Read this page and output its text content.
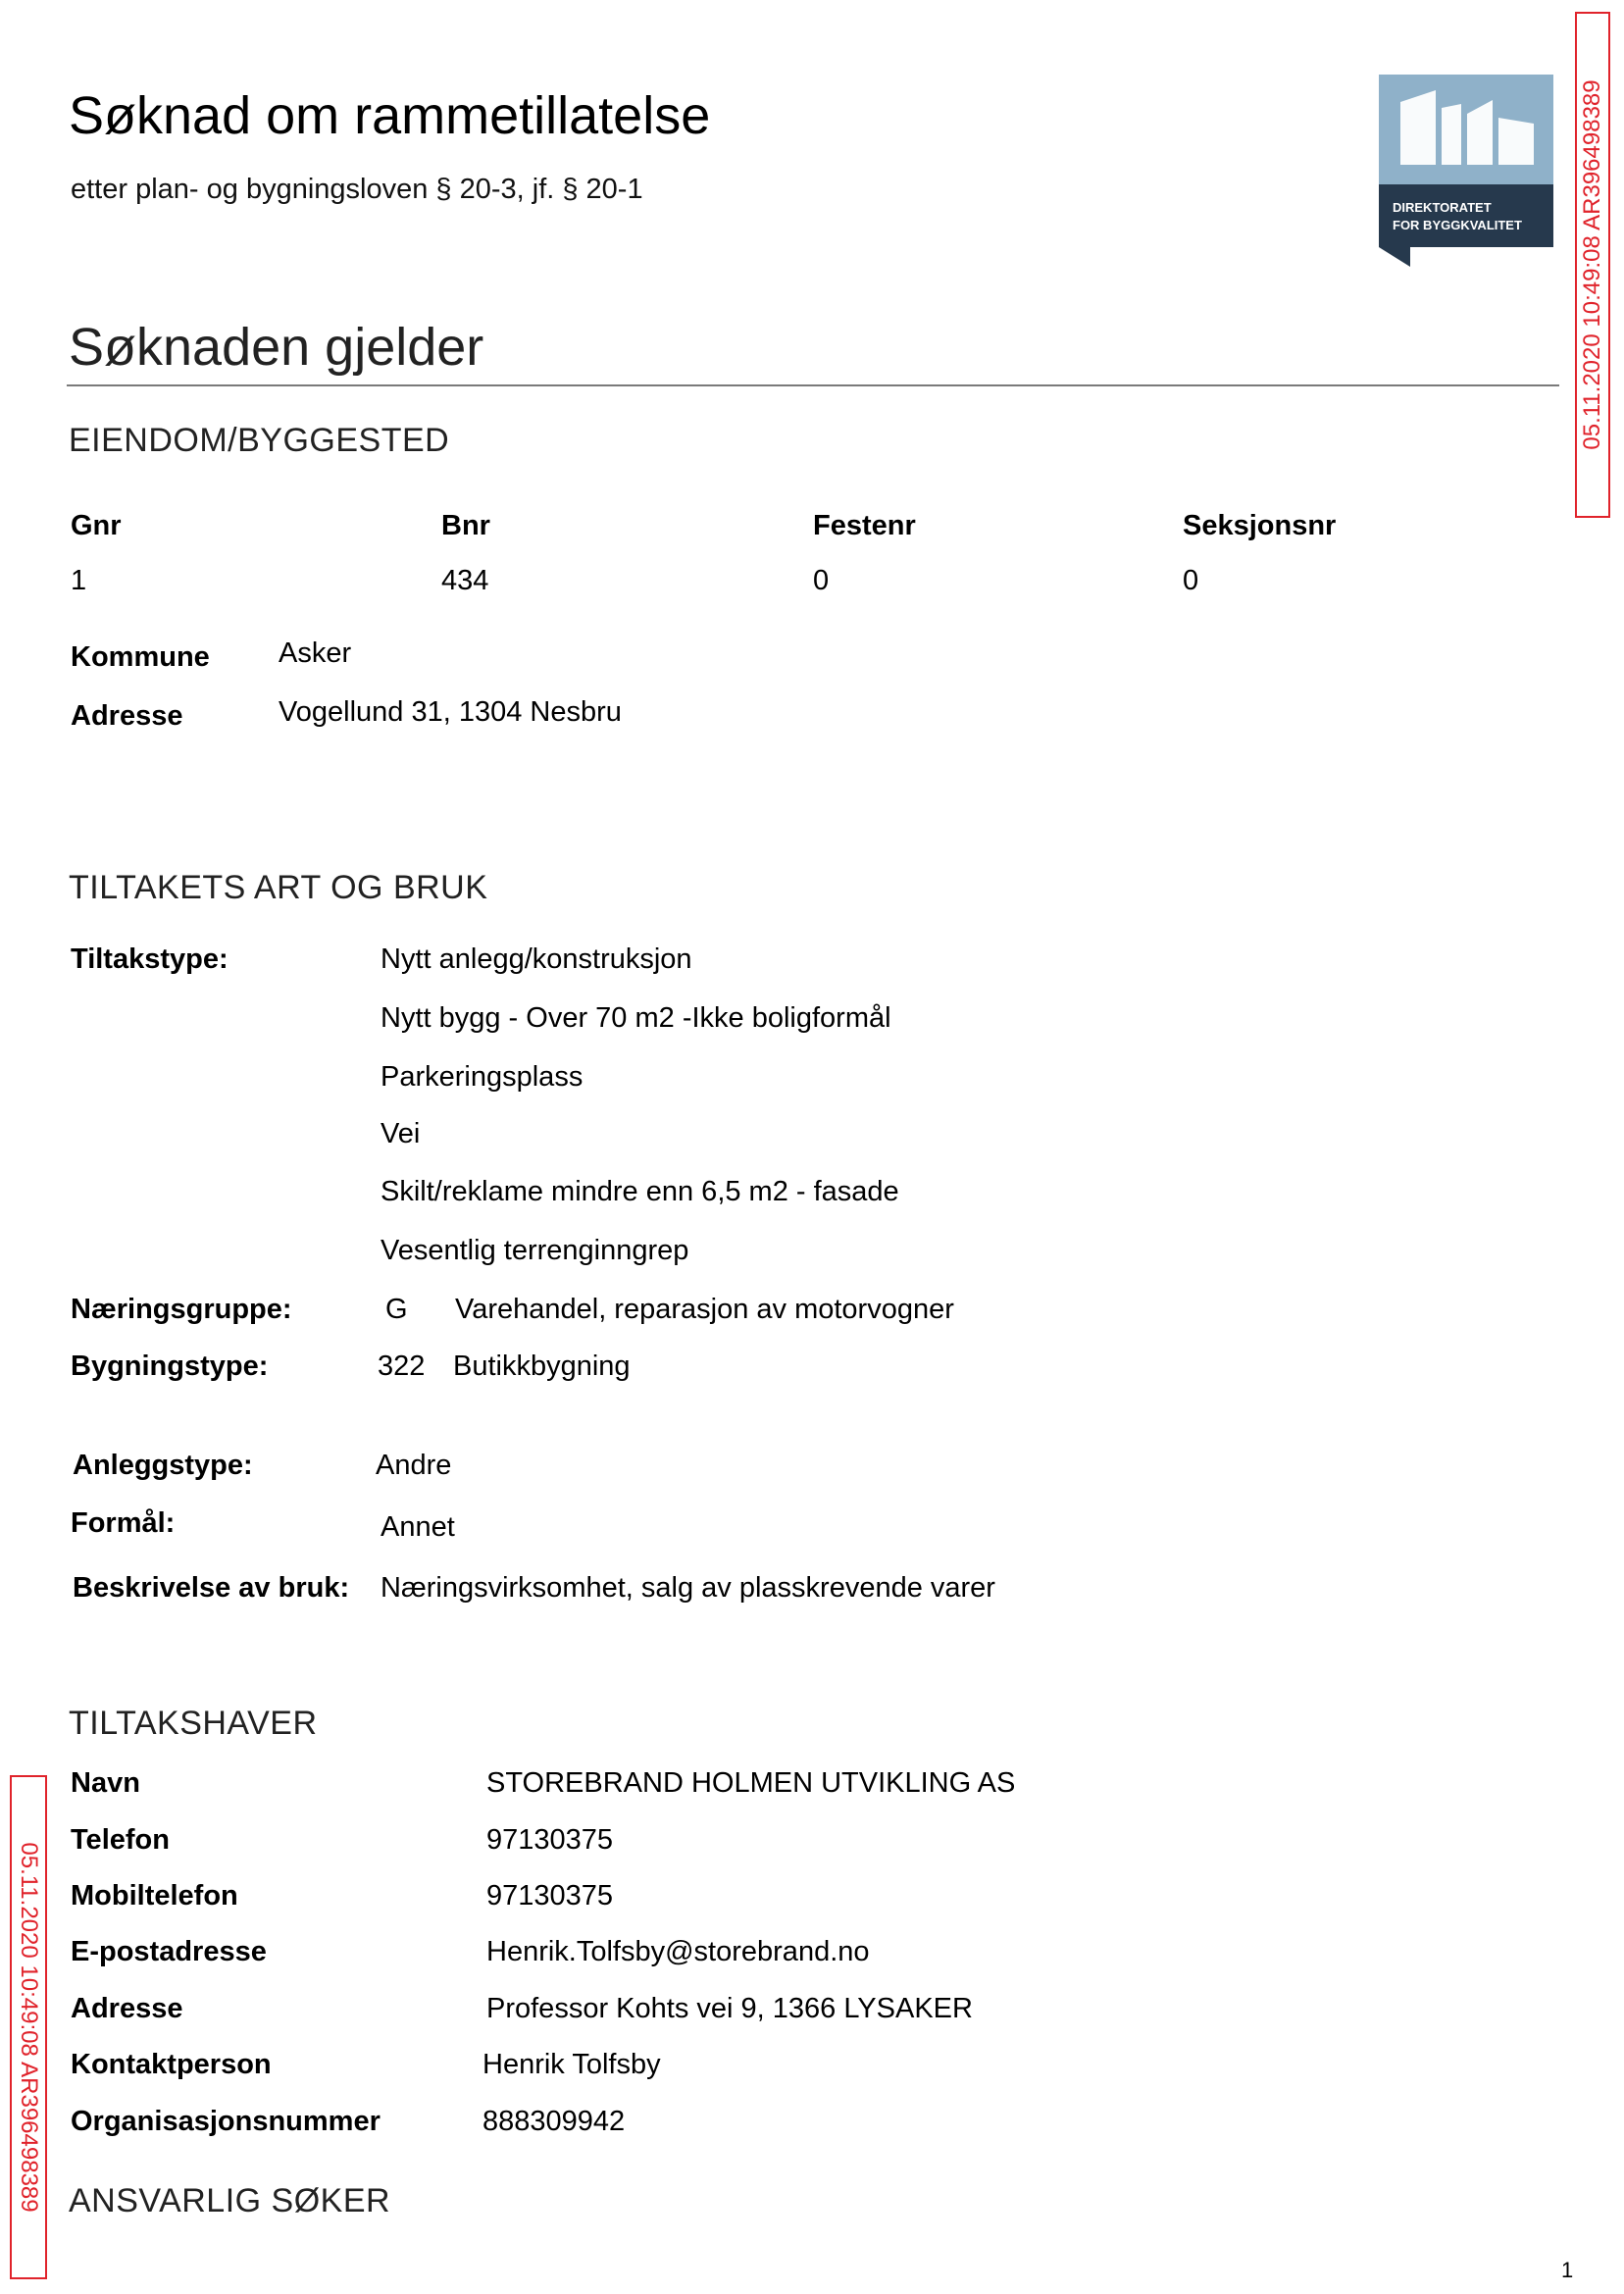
Søknad om rammetillatelse
etter plan- og bygningsloven § 20-3, jf. § 20-1
DIREKTORATET
FOR BYGGKVALITET 05.11.2020 10:49:08 AR396498389
Søknaden gjelder
EIENDOM/BYGGESTED
Gnr	Bnr	Festenr	Seksjonsnr
1	434	0	0
Kommune Asker
Adresse	Vogellund 31, 1304 Nesbru
TILTAKETS ART OG BRUK
Tiltakstype:	Nytt anlegg/konstruksjon
Nytt bygg - Over 70 m2 -Ikke boligformål
Parkeringsplass
Vei
Skilt/reklame mindre enn 6,5 m2 - fasade
Vesentlig terrenginngrep
Næringsgruppe:	G Varehandel, reparasjon av motorvogner
Bygningstype:	322 Butikkbygning
Anleggstype:	Andre
Formål:	Annet
Beskrivelse av bruk: Næringsvirksomhet, salg av plasskrevende varer
TILTAKSHAVER
Navn	STOREBRAND HOLMEN UTVIKLING AS
Telefon	97130375
Mobiltelefon	97130375
E-postadresse	Henrik.Tolfsby@storebrand.no
Adresse	Professor Kohts vei 9, 1366 LYSAKER
Kontaktperson	Henrik Tolfsby
Organisasjonsnummer	888309942
ANSVARLIG SØKER
05.11.2020 10:49:08 AR396498389
1
